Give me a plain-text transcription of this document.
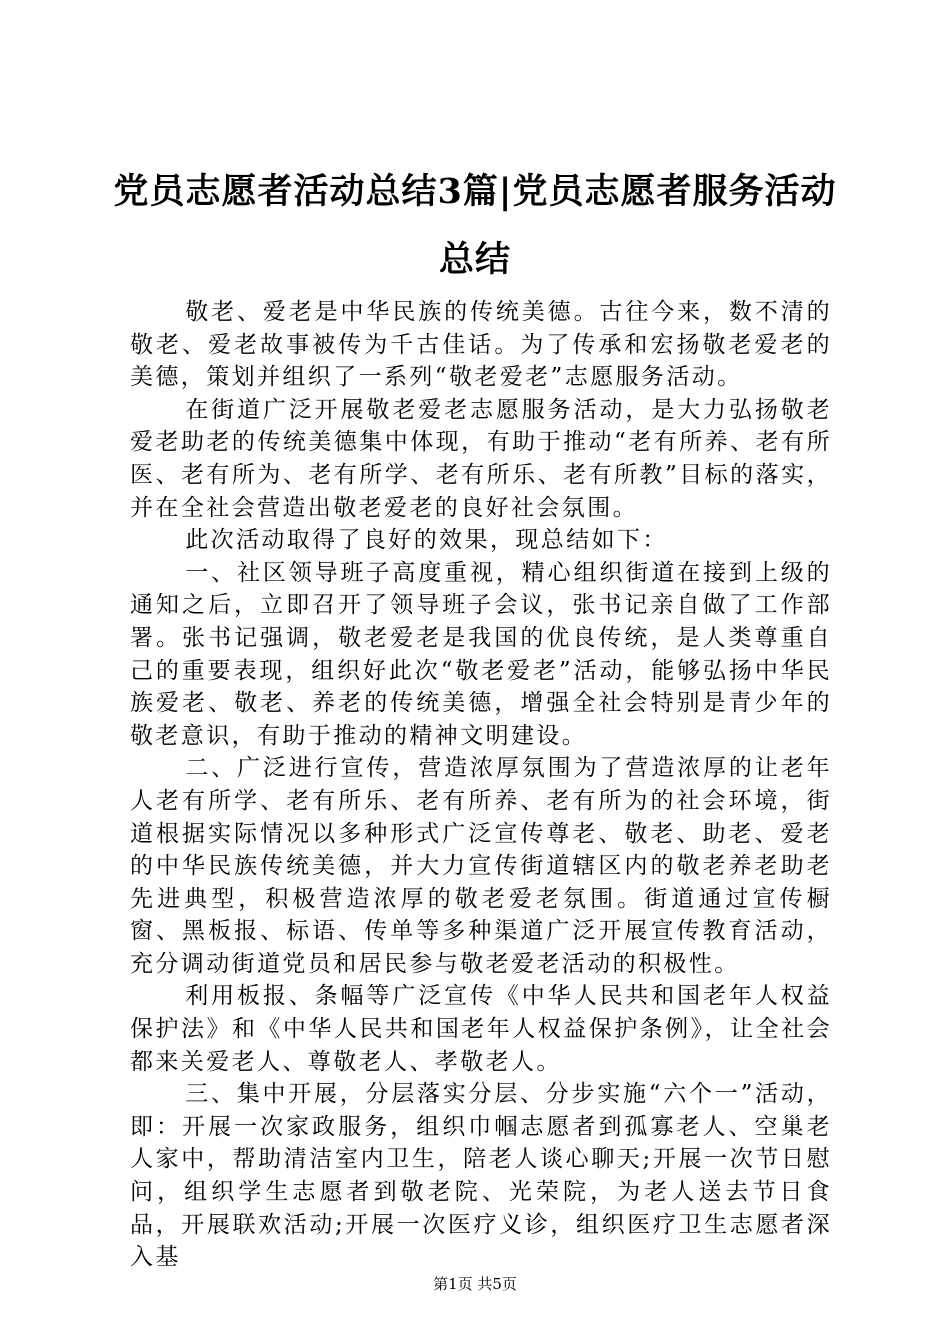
党员志愿者活动总结3篇|党员志愿者服务活动总结

敬老、爱老是中华民族的传统美德。古往今来，数不清的敬老、爱老故事被传为千古佳话。为了传承和宏扬敬老爱老的美德，策划并组织了一系列“敬老爱老”志愿服务活动。

在街道广泛开展敬老爱老志愿服务活动，是大力弘扬敬老爱老助老的传统美德集中体现，有助于推动“老有所养、老有所医、老有所为、老有所学、老有所乐、老有所教”目标的落实，并在全社会营造出敬老爱老的良好社会氛围。

此次活动取得了良好的效果，现总结如下：

一、社区领导班子高度重视，精心组织街道在接到上级的通知之后，立即召开了领导班子会议，张书记亲自做了工作部署。张书记强调，敬老爱老是我国的优良传统，是人类尊重自己的重要表现，组织好此次“敬老爱老”活动，能够弘扬中华民族爱老、敬老、养老的传统美德，增强全社会特别是青少年的敬老意识，有助于推动的精神文明建设。

二、广泛进行宣传，营造浓厚氛围为了营造浓厚的让老年人老有所学、老有所乐、老有所养、老有所为的社会环境，街道根据实际情况以多种形式广泛宣传尊老、敬老、助老、爱老的中华民族传统美德，并大力宣传街道辖区内的敬老养老助老先进典型，积极营造浓厚的敬老爱老氛围。街道通过宣传橱窗、黑板报、标语、传单等多种渠道广泛开展宣传教育活动，充分调动街道党员和居民参与敬老爱老活动的积极性。

利用板报、条幅等广泛宣传《中华人民共和国老年人权益保护法》和《中华人民共和国老年人权益保护条例》，让全社会都来关爱老人、尊敬老人、孝敬老人。

三、集中开展，分层落实分层、分步实施“六个一”活动，即：开展一次家政服务，组织巾帼志愿者到孤寡老人、空巢老人家中，帮助清洁室内卫生，陪老人谈心聊天;开展一次节日慰问，组织学生志愿者到敬老院、光荣院，为老人送去节日食品，开展联欢活动;开展一次医疗义诊，组织医疗卫生志愿者深入基

第1页 共5页
